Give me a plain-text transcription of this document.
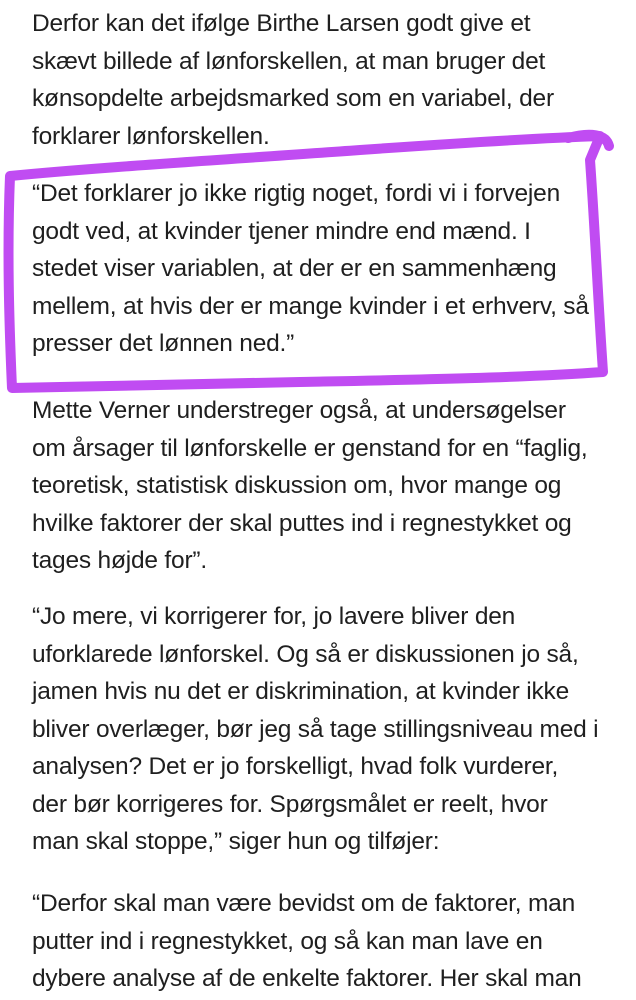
Derfor kan det ifølge Birthe Larsen godt give et
skævt billede af lønforskellen, at man bruger det
kønsopdelte arbejdsmarked som en variabel, der
forklarer lønforskellen.

“Det forklarer jo ikke rigtig noget, fordi vi i forvejen
godt ved, at kvinder tjener mindre end mænd. I
stedet viser variablen, at der er en sammenhæng
mellem, at hvis der er mange kvinder i et erhverv, så
presser det lønnen ned.”

Mette Verner understreger også, at undersøgelser
om årsager til lønforskelle er genstand for en “faglig,
teoretisk, statistisk diskussion om, hvor mange og
hvilke faktorer der skal puttes ind i regnestykket og
tages højde for”.

“Jo mere, vi korrigerer for, jo lavere bliver den
uforklarede lønforskel. Og så er diskussionen jo så,
jamen hvis nu det er diskrimination, at kvinder ikke
bliver overlæger, bør jeg så tage stillingsniveau med i
analysen? Det er jo forskelligt, hvad folk vurderer,
der bør korrigeres for. Spørgsmålet er reelt, hvor
man skal stoppe,” siger hun og tilføjer:

“Derfor skal man være bevidst om de faktorer, man
putter ind i regnestykket, og så kan man lave en
dybere analyse af de enkelte faktorer. Her skal man
